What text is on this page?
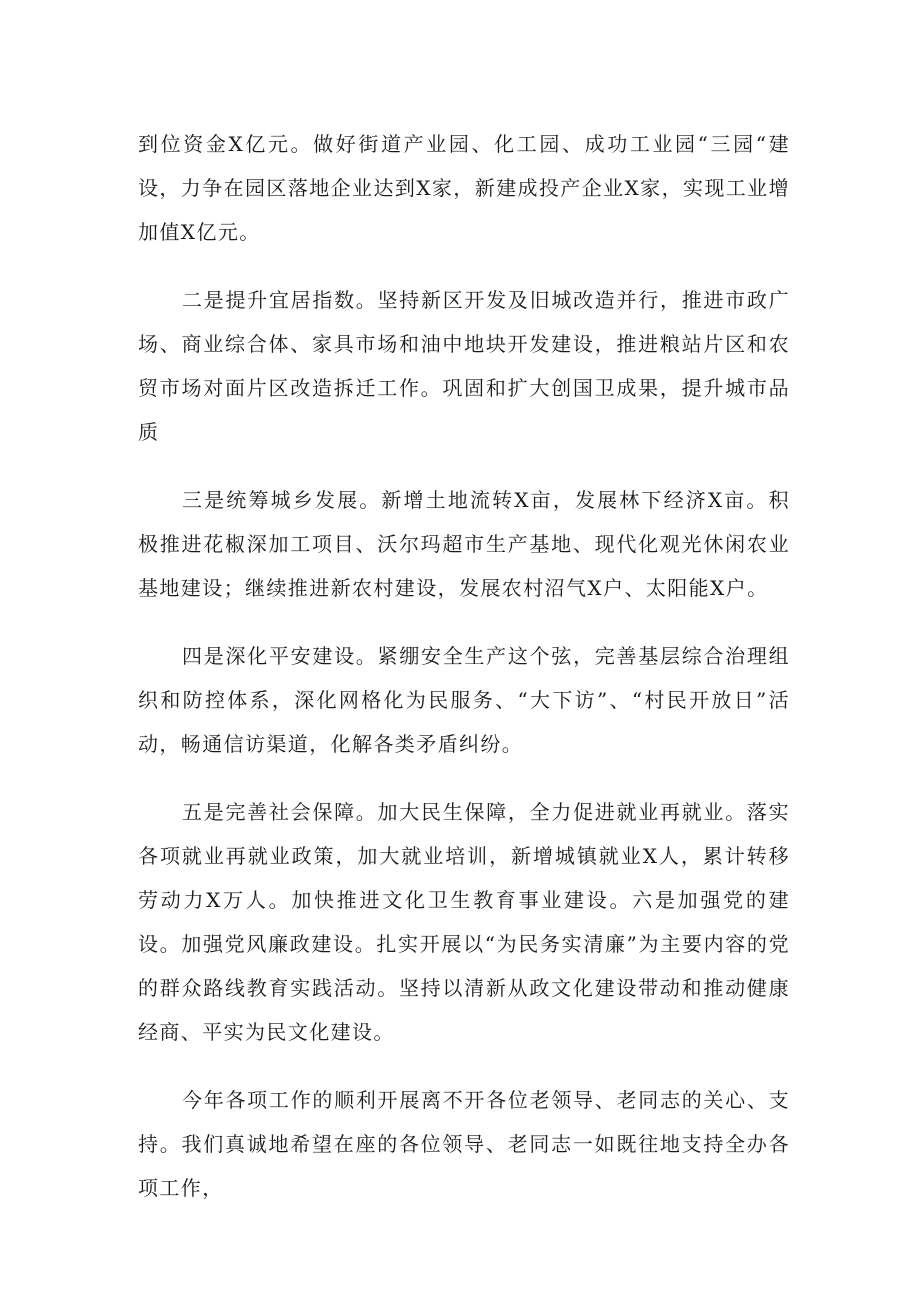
到位资金X亿元。做好街道产业园、化工园、成功工业园“三园“建设，力争在园区落地企业达到X家，新建成投产企业X家，实现工业增加值X亿元。

二是提升宜居指数。坚持新区开发及旧城改造并行，推进市政广场、商业综合体、家具市场和油中地块开发建设，推进粮站片区和农贸市场对面片区改造拆迁工作。巩固和扩大创国卫成果，提升城市品质

三是统筹城乡发展。新增土地流转X亩，发展林下经济X亩。积极推进花椒深加工项目、沃尔玛超市生产基地、现代化观光休闲农业基地建设；继续推进新农村建设，发展农村沼气X户、太阳能X户。

四是深化平安建设。紧绷安全生产这个弦，完善基层综合治理组织和防控体系，深化网格化为民服务、“大下访”、“村民开放日”活动，畅通信访渠道，化解各类矛盾纠纷。

五是完善社会保障。加大民生保障，全力促进就业再就业。落实各项就业再就业政策，加大就业培训，新增城镇就业X人，累计转移劳动力X万人。加快推进文化卫生教育事业建设。六是加强党的建设。加强党风廉政建设。扎实开展以“为民务实清廉”为主要内容的党的群众路线教育实践活动。坚持以清新从政文化建设带动和推动健康经商、平实为民文化建设。

今年各项工作的顺利开展离不开各位老领导、老同志的关心、支持。我们真诚地希望在座的各位领导、老同志一如既往地支持全办各项工作，
